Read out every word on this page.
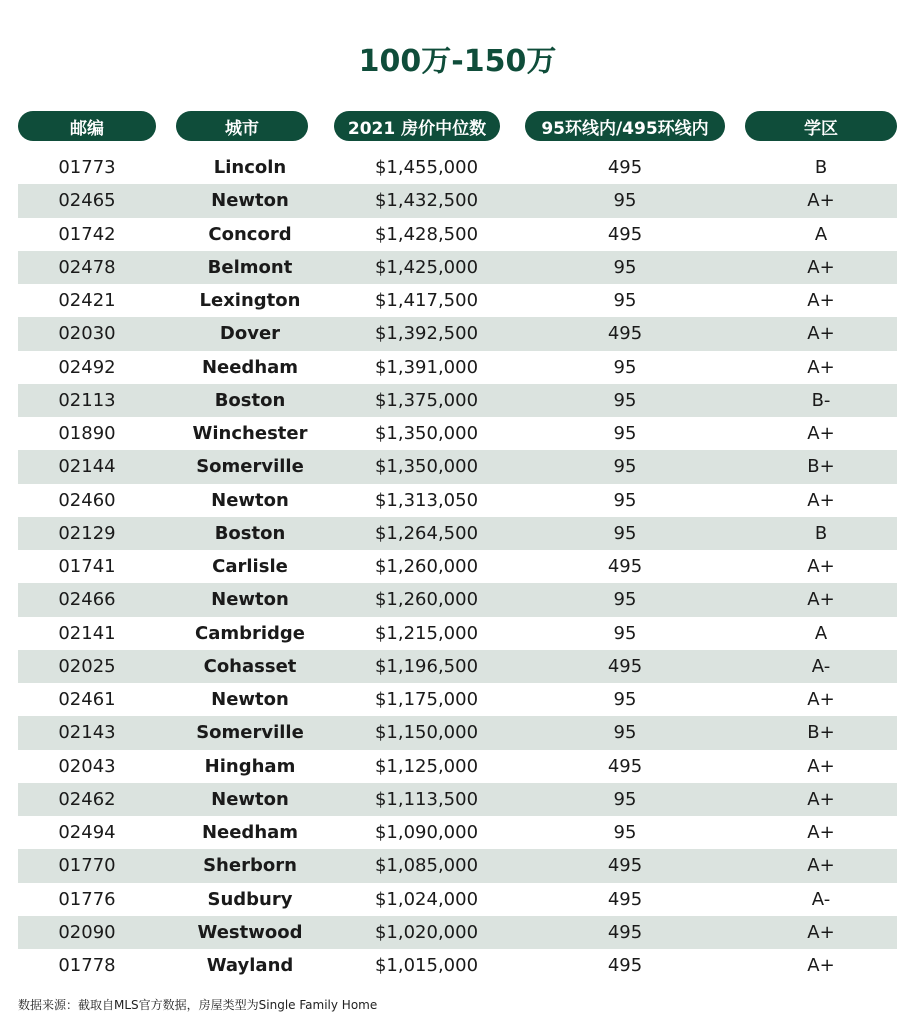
100万-150万
邮编	城市	2021 房价中位数	95环线内/495环线内	学区
01773	Lincoln	$1,455,000	495	B
02465	Newton	$1,432,500	95	A+
01742	Concord	$1,428,500	495	A
02478	Belmont	$1,425,000	95	A+
02421	Lexington	$1,417,500	95	A+
02030	Dover	$1,392,500	495	A+
02492	Needham	$1,391,000	95	A+
02113	Boston	$1,375,000	95	B-
01890	Winchester	$1,350,000	95	A+
02144	Somerville	$1,350,000	95	B+
02460	Newton	$1,313,050	95	A+
02129	Boston	$1,264,500	95	B
01741	Carlisle	$1,260,000	495	A+
02466	Newton	$1,260,000	95	A+
02141	Cambridge	$1,215,000	95	A
02025	Cohasset	$1,196,500	495	A-
02461	Newton	$1,175,000	95	A+
02143	Somerville	$1,150,000	95	B+
02043	Hingham	$1,125,000	495	A+
02462	Newton	$1,113,500	95	A+
02494	Needham	$1,090,000	95	A+
01770	Sherborn	$1,085,000	495	A+
01776	Sudbury	$1,024,000	495	A-
02090	Westwood	$1,020,000	495	A+
01778	Wayland	$1,015,000	495	A+
数据来源：截取自MLS官方数据，房屋类型为Single Family Home
